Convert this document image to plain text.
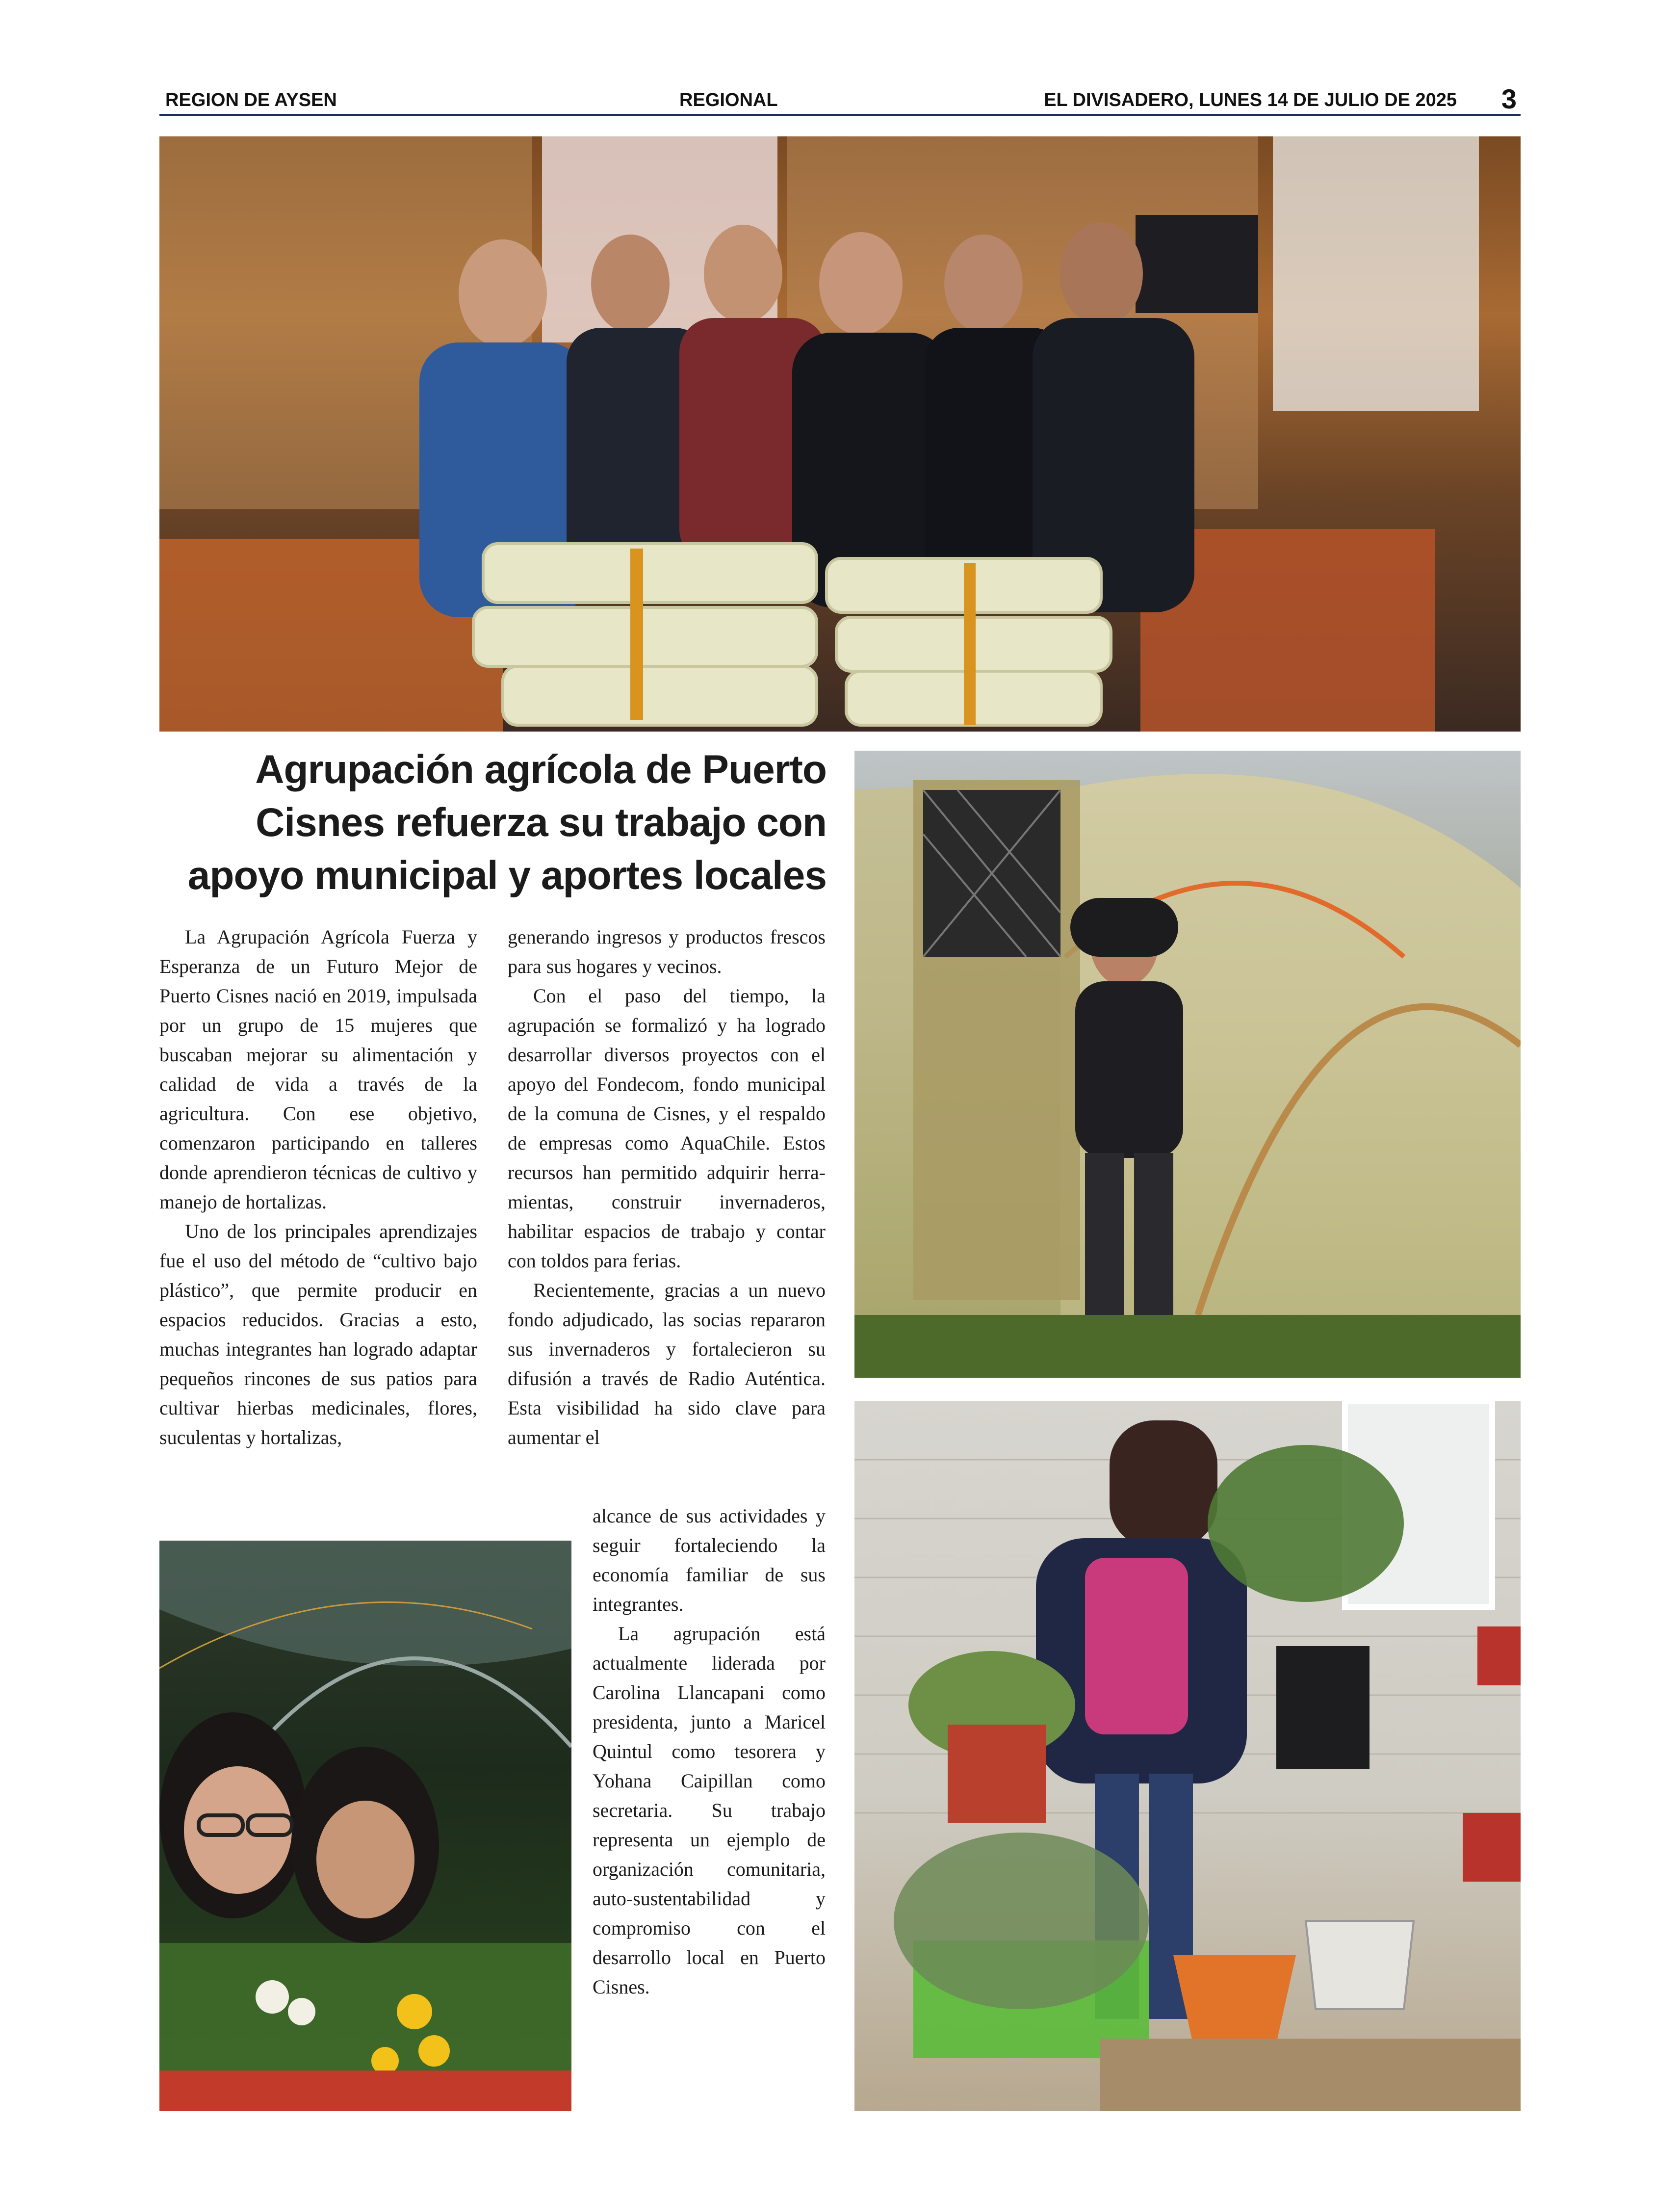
REGION DE AYSEN	REGIONAL	EL DIVISADERO, LUNES 14 DE JULIO DE 2025 3
Agrupación agrícola de Puerto
Cisnes refuerza su trabajo con
apoyo municipal y aportes locales

La Agrupación Agrícola Fuerza y Esperanza de un Futuro Mejor de Puerto Cisnes nació en 2019, impulsada por un grupo de 15 mujeres que buscaban mejorar su alimentación y calidad de vida a través de la agricultura. Con ese objetivo, comenzaron participando en talleres donde aprendieron técnicas de cultivo y manejo de hortalizas.

Uno de los principales aprendizajes fue el uso del método de “cultivo bajo plástico”, que permite producir en espacios reducidos. Gracias a esto, muchas integrantes han logrado adaptar pequeños rincones de sus patios para cultivar hierbas medicinales, flores, suculentas y hortalizas,

generando ingresos y productos frescos para sus hogares y vecinos.

Con el paso del tiempo, la agrupación se formalizó y ha logrado desarrollar diversos proyectos con el apoyo del Fondecom, fondo municipal de la comuna de Cisnes, y el respaldo de empresas como AquaChile. Estos recursos han permitido adquirir herramientas, construir invernaderos, habilitar espacios de trabajo y contar con toldos para ferias.

Recientemente, gracias a un nuevo fondo adjudicado, las socias repararon sus invernaderos y fortalecieron su difusión a través de Radio Auténtica. Esta visibilidad ha sido clave para aumentar el

alcance de sus actividades y seguir fortaleciendo la economía familiar de sus integrantes.

La agrupación está actualmente liderada por Carolina Llancapani como presidenta, junto a Maricel Quintul como tesorera y Yohana Caipillan como secretaria. Su trabajo representa un ejemplo de organización comunitaria, auto-sustentabilidad y compromiso con el desarrollo local en Puerto Cisnes.
